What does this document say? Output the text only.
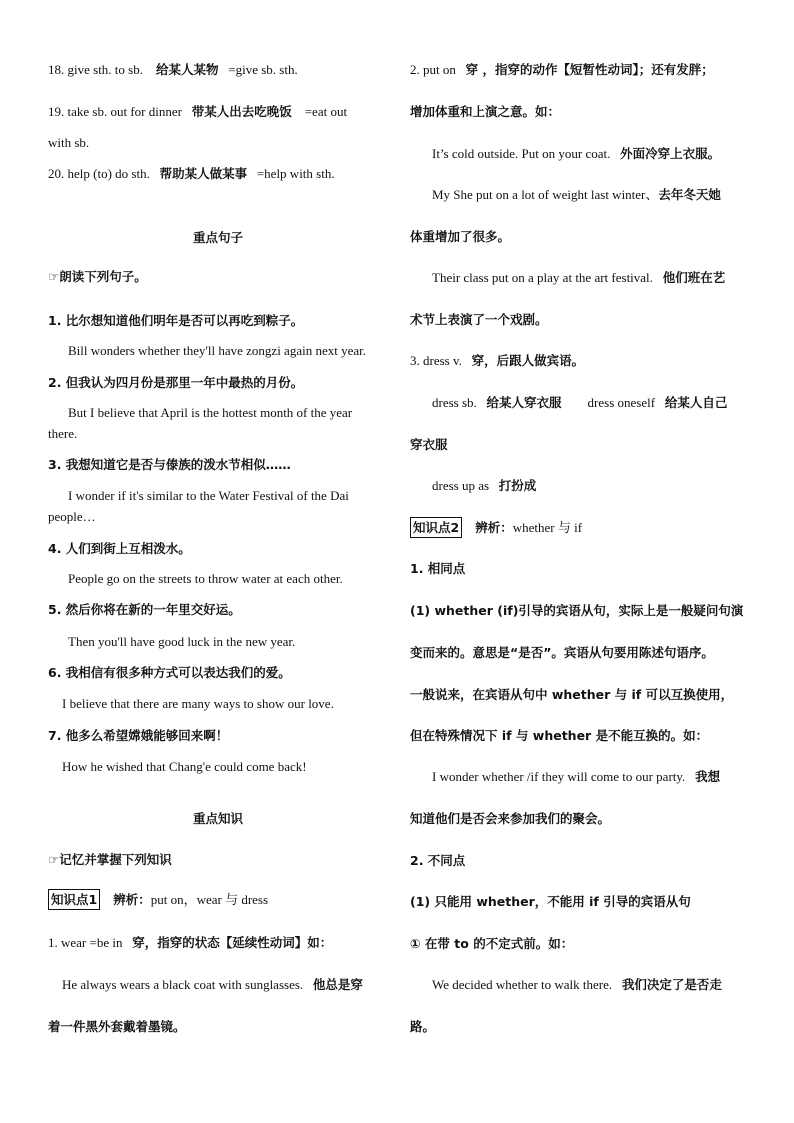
18. give sth. to sb. 给某人某物 =give sb. sth.
19. take sb. out for dinner 带某人出去吃晚饭 =eat out
with sb.
20. help (to) do sth. 帮助某人做某事 =help with sth.
重点句子
☞朗读下列句子。
1. 比尔想知道他们明年是否可以再吃到粽子。
Bill wonders whether they'll have zongzi again next year.
2. 但我认为四月份是那里一年中最热的月份。
But I believe that April is the hottest month of the year
there.
3. 我想知道它是否与傣族的泼水节相似……
I wonder if it's similar to the Water Festival of the Dai
people…
4. 人们到街上互相泼水。
People go on the streets to throw water at each other.
5. 然后你将在新的一年里交好运。
Then you'll have good luck in the new year.
6. 我相信有很多种方式可以表达我们的爱。
I believe that there are many ways to show our love.
7. 他多么希望嫦娥能够回来啊！
How he wished that Chang'e could come back!
重点知识
☞记忆并掌握下列知识
知识点1 辨析：put on，wear 与 dress
1. wear =be in 穿，指穿的状态【延续性动词】如：
He always wears a black coat with sunglasses. 他总是穿
着一件黑外套戴着墨镜。
2. put on 穿 ，指穿的动作【短暂性动词】；还有发胖；
增加体重和上演之意。如：
It’s cold outside. Put on your coat. 外面冷穿上衣服。
My She put on a lot of weight last winter、去年冬天她
体重增加了很多。
Their class put on a play at the art festival. 他们班在艺
术节上表演了一个戏剧。
3. dress v. 穿，后跟人做宾语。
dress sb. 给某人穿衣服 dress oneself 给某人自己
穿衣服
dress up as 打扮成
知识点2 辨析：whether 与 if
1. 相同点
(1) whether (if)引导的宾语从句，实际上是一般疑问句演
变而来的。意思是“是否”。宾语从句要用陈述句语序。
一般说来，在宾语从句中 whether 与 if 可以互换使用，
但在特殊情况下 if 与 whether 是不能互换的。如：
I wonder whether /if they will come to our party. 我想
知道他们是否会来参加我们的聚会。
2. 不同点
(1) 只能用 whether，不能用 if 引导的宾语从句
① 在带 to 的不定式前。如：
We decided whether to walk there. 我们决定了是否走
路。
